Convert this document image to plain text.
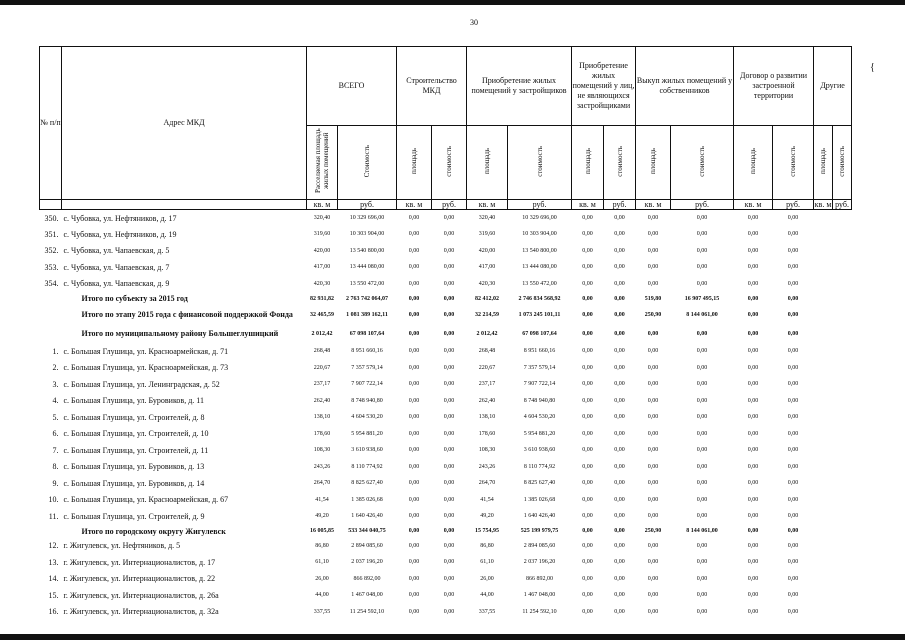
30
{
№ п/п	Адрес МКД	ВСЕГО		Строительство МКД		Приобретение жилых помещений у застройщиков		Приобретение жилых помещений у лиц, не являющихся застройщиками		Выкуп жилых помещений у собственников		Договор о развитии застроенной территории		Другие	
		Расселяемая площадь жилых помещений	Стоимость	площадь	стоимость	площадь	стоимость	площадь	стоимость	площадь	стоимость	площадь	стоимость	площадь	стоимость
		кв. м	руб.	кв. м	руб.	кв. м	руб.	кв. м	руб.	кв. м	руб.	кв. м	руб.	кв. м	руб.
350.	с. Чубовка, ул. Нефтяников, д. 17	320,40	10 329 696,00	0,00	0,00	320,40	10 329 696,00	0,00	0,00	0,00	0,00	0,00	0,00		
351.	с. Чубовка, ул. Нефтяников, д. 19	319,60	10 303 904,00	0,00	0,00	319,60	10 303 904,00	0,00	0,00	0,00	0,00	0,00	0,00		
352.	с. Чубовка, ул. Чапаевская, д. 5	420,00	13 540 800,00	0,00	0,00	420,00	13 540 800,00	0,00	0,00	0,00	0,00	0,00	0,00		
353.	с. Чубовка, ул. Чапаевская, д. 7	417,00	13 444 080,00	0,00	0,00	417,00	13 444 080,00	0,00	0,00	0,00	0,00	0,00	0,00		
354.	с. Чубовка, ул. Чапаевская, д. 9	420,30	13 550 472,00	0,00	0,00	420,30	13 550 472,00	0,00	0,00	0,00	0,00	0,00	0,00		
	Итого по субъекту за 2015 год	82 931,82	2 763 742 064,07	0,00	0,00	82 412,02	2 746 834 568,92	0,00	0,00	519,80	16 907 495,15	0,00	0,00		
	Итого по этапу 2015 года с финансовой поддержкой Фонда	32 465,59	1 081 389 162,11	0,00	0,00	32 214,59	1 073 245 101,11	0,00	0,00	250,90	8 144 061,00	0,00	0,00		
	Итого по муниципальному району Большеглушицкий	2 012,42	67 098 107,64	0,00	0,00	2 012,42	67 098 107,64	0,00	0,00	0,00	0,00	0,00	0,00		
1.	с. Большая Глушица, ул. Красноармейская, д. 71	268,48	8 951 660,16	0,00	0,00	268,48	8 951 660,16	0,00	0,00	0,00	0,00	0,00	0,00		
2.	с. Большая Глушица, ул. Красноармейская, д. 73	220,67	7 357 579,14	0,00	0,00	220,67	7 357 579,14	0,00	0,00	0,00	0,00	0,00	0,00		
3.	с. Большая Глушица, ул. Ленинградская, д. 52	237,17	7 907 722,14	0,00	0,00	237,17	7 907 722,14	0,00	0,00	0,00	0,00	0,00	0,00		
4.	с. Большая Глушица, ул. Буровиков, д. 11	262,40	8 748 940,80	0,00	0,00	262,40	8 748 940,80	0,00	0,00	0,00	0,00	0,00	0,00		
5.	с. Большая Глушица, ул. Строителей, д. 8	138,10	4 604 530,20	0,00	0,00	138,10	4 604 530,20	0,00	0,00	0,00	0,00	0,00	0,00		
6.	с. Большая Глушица, ул. Строителей, д. 10	178,60	5 954 881,20	0,00	0,00	178,60	5 954 881,20	0,00	0,00	0,00	0,00	0,00	0,00		
7.	с. Большая Глушица, ул. Строителей, д. 11	108,30	3 610 938,60	0,00	0,00	108,30	3 610 938,60	0,00	0,00	0,00	0,00	0,00	0,00		
8.	с. Большая Глушица, ул. Буровиков, д. 13	243,26	8 110 774,92	0,00	0,00	243,26	8 110 774,92	0,00	0,00	0,00	0,00	0,00	0,00		
9.	с. Большая Глушица, ул. Буровиков, д. 14	264,70	8 825 627,40	0,00	0,00	264,70	8 825 627,40	0,00	0,00	0,00	0,00	0,00	0,00		
10.	с. Большая Глушица, ул. Красноармейская, д. 67	41,54	1 385 026,68	0,00	0,00	41,54	1 385 026,68	0,00	0,00	0,00	0,00	0,00	0,00		
11.	с. Большая Глушица, ул. Строителей, д. 9	49,20	1 640 426,40	0,00	0,00	49,20	1 640 426,40	0,00	0,00	0,00	0,00	0,00	0,00		
	Итого по городскому округу Жигулевск	16 005,85	533 344 040,75	0,00	0,00	15 754,95	525 199 979,75	0,00	0,00	250,90	8 144 061,00	0,00	0,00		
12.	г. Жигулевск, ул. Нефтяников, д. 5	86,80	2 894 085,60	0,00	0,00	86,80	2 894 085,60	0,00	0,00	0,00	0,00	0,00	0,00		
13.	г. Жигулевск, ул. Интернационалистов, д. 17	61,10	2 037 196,20	0,00	0,00	61,10	2 037 196,20	0,00	0,00	0,00	0,00	0,00	0,00		
14.	г. Жигулевск, ул. Интернационалистов, д. 22	26,00	866 892,00	0,00	0,00	26,00	866 892,00	0,00	0,00	0,00	0,00	0,00	0,00		
15.	г. Жигулевск, ул. Интернационалистов, д. 26а	44,00	1 467 048,00	0,00	0,00	44,00	1 467 048,00	0,00	0,00	0,00	0,00	0,00	0,00		
16.	г. Жигулевск, ул. Интернационалистов, д. 32а	337,55	11 254 592,10	0,00	0,00	337,55	11 254 592,10	0,00	0,00	0,00	0,00	0,00	0,00		
